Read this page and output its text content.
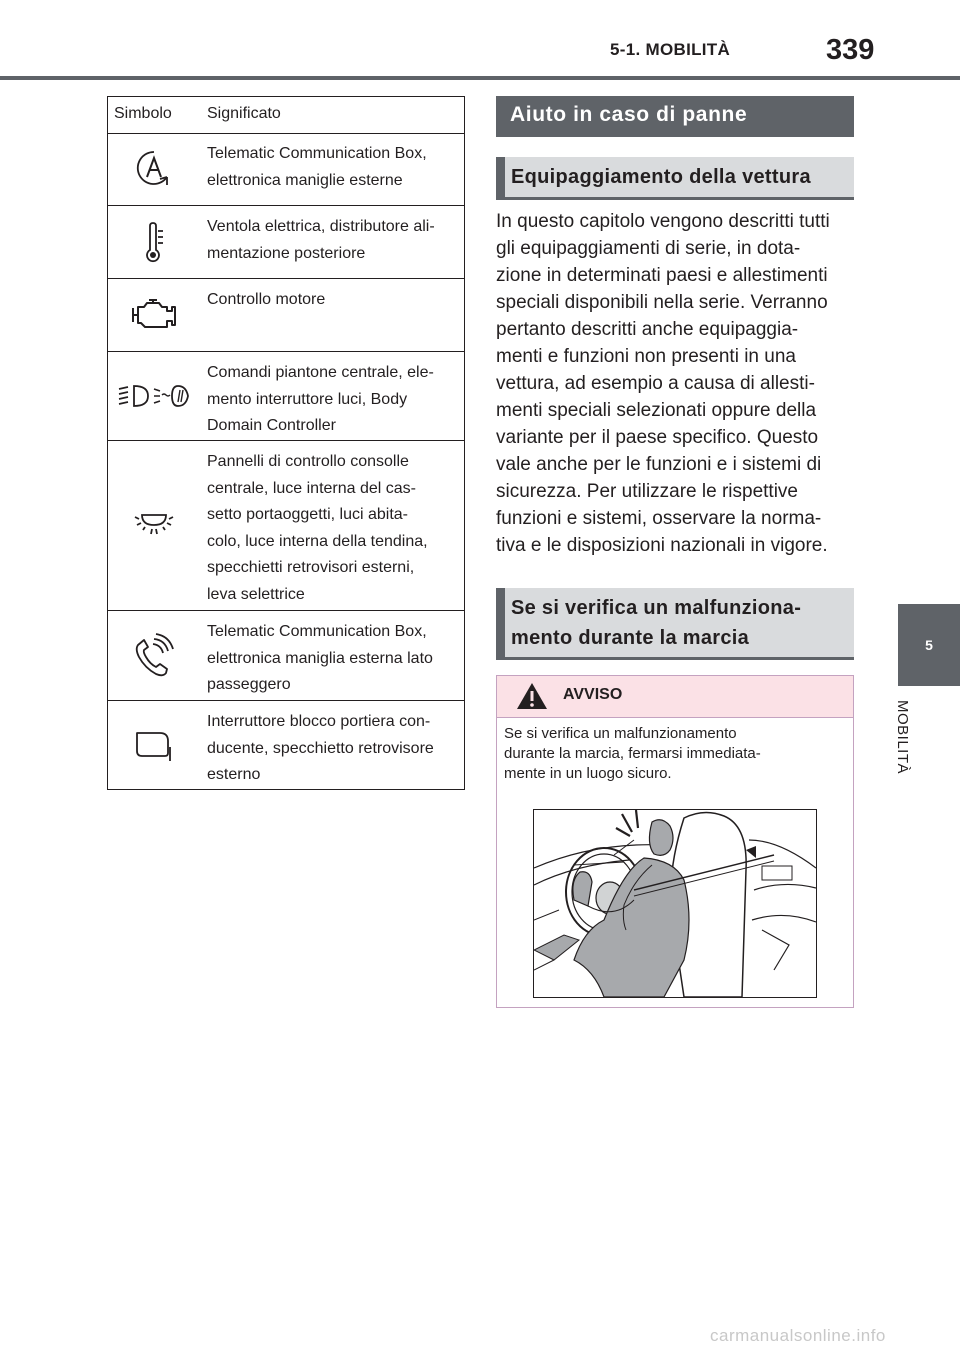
5-1. MOBILITÀ	339
5
MOBILITÀ
Simbolo Significato
Telematic Communication Box,
elettronica maniglie esterne
Ventola elettrica, distributore ali-
mentazione posteriore
Controllo motore
Comandi piantone centrale, ele-
mento interruttore luci, Body
Domain Controller
Pannelli di controllo consolle
centrale, luce interna del cas-
setto portaoggetti, luci abita-
colo, luce interna della tendina,
specchietti retrovisori esterni,
leva selettrice
Telematic Communication Box,
elettronica maniglia esterna lato
passeggero
Interruttore blocco portiera con-
ducente, specchietto retrovisore
esterno
Aiuto in caso di panne
Equipaggiamento della vettura
In questo capitolo vengono descritti tutti
gli equipaggiamenti di serie, in dota-
zione in determinati paesi e allestimenti
speciali disponibili nella serie. Verranno
pertanto descritti anche equipaggia-
menti e funzioni non presenti in una
vettura, ad esempio a causa di allesti-
menti speciali selezionati oppure della
variante per il paese specifico. Questo
vale anche per le funzioni e i sistemi di
sicurezza. Per utilizzare le rispettive
funzioni e sistemi, osservare la norma-
tiva e le disposizioni nazionali in vigore.
Se si verifica un malfunziona-
mento durante la marcia
AVVISO
Se si verifica un malfunzionamento
durante la marcia, fermarsi immediata-
mente in un luogo sicuro.
carmanualsonline.info
